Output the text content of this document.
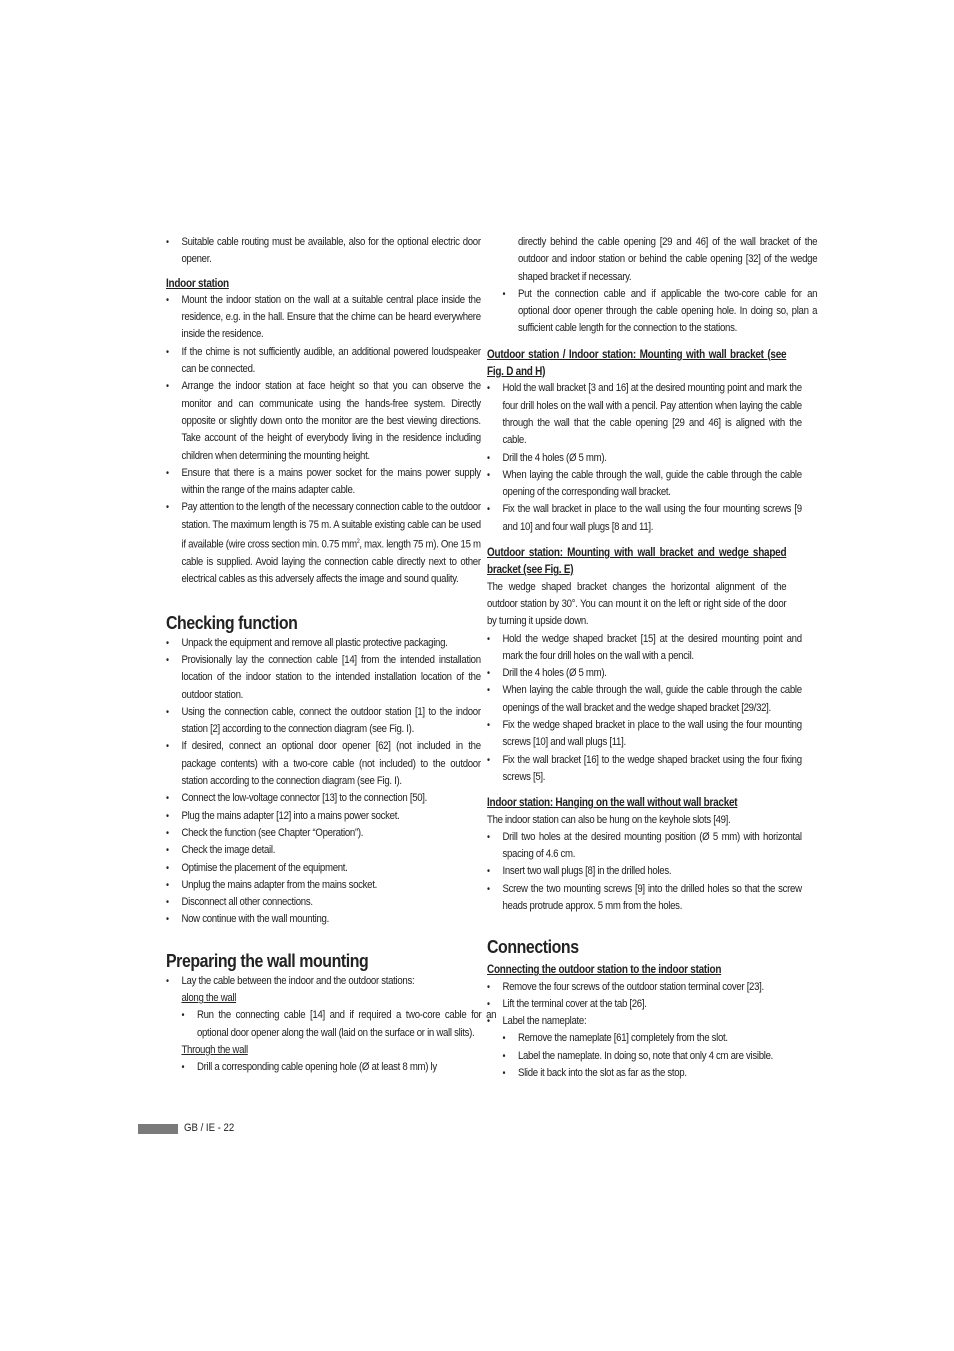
• Suitable cable routing must be available, also for the optional electric door opener.
Indoor station
• Mount the indoor station on the wall at a suitable central place inside the residence, e.g. in the hall. Ensure that the chime can be heard everywhere inside the residence.
• If the chime is not sufficiently audible, an additional powered loudspeaker can be connected.
• Arrange the indoor station at face height so that you can observe the monitor and can communicate using the hands-free system. Directly opposite or slightly down onto the monitor are the best viewing directions. Take account of the height of everybody living in the residence including children when determining the mounting height.
• Ensure that there is a mains power socket for the mains power supply within the range of the mains adapter cable.
• Pay attention to the length of the necessary connection cable to the outdoor station. The maximum length is 75 m. A suitable existing cable can be used if available (wire cross section min. 0.75 $mm^2$, max. length 75 m). One 15 m cable is supplied. Avoid laying the connection cable directly next to other electrical cables as this adversely affects the image and sound quality.
Checking function
• Unpack the equipment and remove all plastic protective packaging.
• Provisionally lay the connection cable [14] from the intended installation location of the indoor station to the intended installation location of the outdoor station.
• Using the connection cable, connect the outdoor station [1] to the indoor station [2] according to the connection diagram (see Fig. I).
• If desired, connect an optional door opener [62] (not included in the package contents) with a two-core cable (not included) to the outdoor station according to the connection diagram (see Fig. I).
• Connect the low-voltage connector [13] to the connection [50].
• Plug the mains adapter [12] into a mains power socket.
• Check the function (see Chapter “Operation”).
• Check the image detail.
• Optimise the placement of the equipment.
• Unplug the mains adapter from the mains socket.
• Disconnect all other connections.
• Now continue with the wall mounting.
Preparing the wall mounting
• Lay the cable between the indoor and the outdoor stations:
along the wall
• Run the connecting cable [14] and if required a two-core cable for an optional door opener along the wall (laid on the surface or in wall slits).
Through the wall
• Drill a corresponding cable opening hole (Ø at least 8 mm) ly
directly behind the cable opening [29 and 46] of the wall bracket of the outdoor and indoor station or behind the cable opening [32] of the wedge shaped bracket if necessary.
• Put the connection cable and if applicable the two-core cable for an optional door opener through the cable opening hole. In doing so, plan a sufficient cable length for the connection to the stations.
Outdoor station / Indoor station: Mounting with wall bracket (see Fig. D and H)
• Hold the wall bracket [3 and 16] at the desired mounting point and mark the four drill holes on the wall with a pencil. Pay attention when laying the cable through the wall that the cable opening [29 and 46] is aligned with the cable.
• Drill the 4 holes (Ø 5 mm).
• When laying the cable through the wall, guide the cable through the cable opening of the corresponding wall bracket.
• Fix the wall bracket in place to the wall using the four mounting screws [9 and 10] and four wall plugs [8 and 11].
Outdoor station: Mounting with wall bracket and wedge shaped bracket (see Fig. E)
The wedge shaped bracket changes the horizontal alignment of the outdoor station by 30°. You can mount it on the left or right side of the door by turning it upside down.
• Hold the wedge shaped bracket [15] at the desired mounting point and mark the four drill holes on the wall with a pencil.
• Drill the 4 holes (Ø 5 mm).
• When laying the cable through the wall, guide the cable through the cable openings of the wall bracket and the wedge shaped bracket [29/32].
• Fix the wedge shaped bracket in place to the wall using the four mounting screws [10] and wall plugs [11].
• Fix the wall bracket [16] to the wedge shaped bracket using the four fixing screws [5].
Indoor station: Hanging on the wall without wall bracket
The indoor station can also be hung on the keyhole slots [49].
• Drill two holes at the desired mounting position (Ø 5 mm) with horizontal spacing of 4.6 cm.
• Insert two wall plugs [8] in the drilled holes.
• Screw the two mounting screws [9] into the drilled holes so that the screw heads protrude approx. 5 mm from the holes.
Connections
Connecting the outdoor station to the indoor station
• Remove the four screws of the outdoor station terminal cover [23].
• Lift the terminal cover at the tab [26].
• Label the nameplate:
• Remove the nameplate [61] completely from the slot.
• Label the nameplate. In doing so, note that only 4 cm are visible.
• Slide it back into the slot as far as the stop.
GB / IE - 22
